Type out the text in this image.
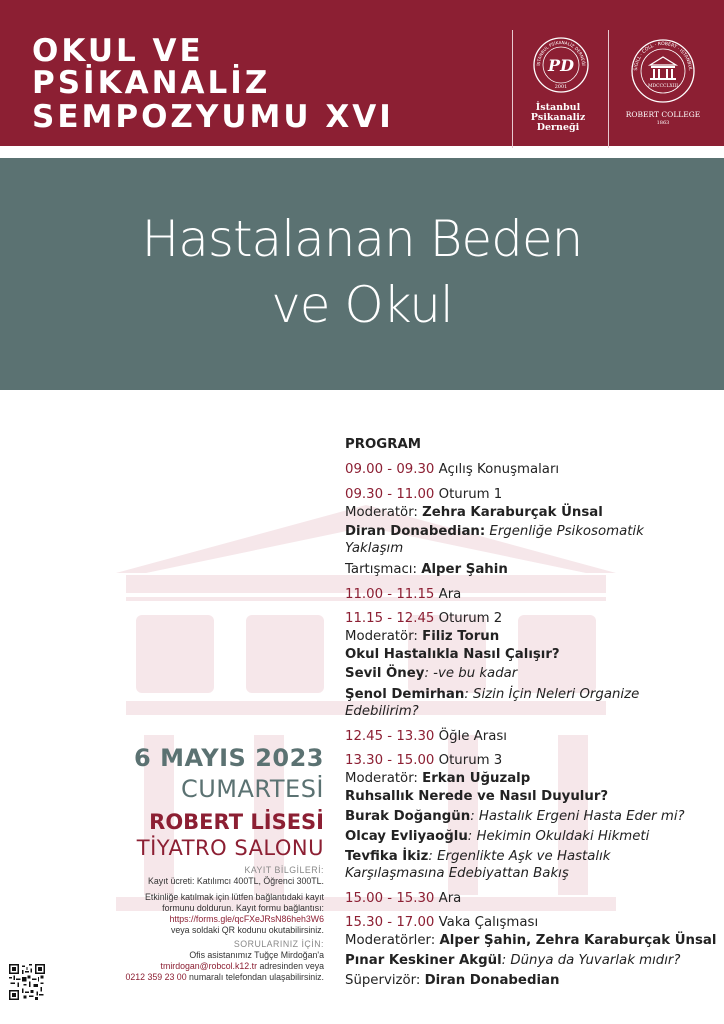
OKUL VE
PSİKANALİZ
SEMPOZYUMU XVI
PD
2001
İSTANBUL PSİKANALİZ DERNEĞİ
İstanbul
Psikanaliz
Derneği
SIGILL · COLL · ROBERT · ISTANBUL
MDCCCLXIII
ROBERT COLLEGE
1863
Hastalanan Beden
ve Okul
PROGRAM
09.00 - 09.30 Açılış Konuşmaları
09.30 - 11.00 Oturum 1
Moderatör: Zehra Karaburçak Ünsal
Diran Donabedian: Ergenliğe Psikosomatik
Yaklaşım
Tartışmacı: Alper Şahin
11.00 - 11.15 Ara
11.15 - 12.45 Oturum 2
Moderatör: Filiz Torun
Okul Hastalıkla Nasıl Çalışır?
Sevil Öney: -ve bu kadar
Şenol Demirhan: Sizin İçin Neleri Organize
Edebilirim?
12.45 - 13.30 Öğle Arası
13.30 - 15.00 Oturum 3
Moderatör: Erkan Uğuzalp
Ruhsallık Nerede ve Nasıl Duyulur?
Burak Doğangün: Hastalık Ergeni Hasta Eder mi?
Olcay Evliyaoğlu: Hekimin Okuldaki Hikmeti
Tevfika İkiz: Ergenlikte Aşk ve Hastalık
Karşılaşmasına Edebiyattan Bakış
15.00 - 15.30 Ara
15.30 - 17.00 Vaka Çalışması
Moderatörler: Alper Şahin, Zehra Karaburçak Ünsal
Pınar Keskiner Akgül: Dünya da Yuvarlak mıdır?
Süpervizör: Diran Donabedian
6 MAYIS 2023
CUMARTESİ
ROBERT LİSESİ
TİYATRO SALONU
KAYIT BİLGİLERİ:
Kayıt ücreti: Katılımcı 400TL, Öğrenci 300TL.
Etkinliğe katılmak için lütfen bağlantıdaki kayıt
formunu doldurun. Kayıt formu bağlantısı:
https://forms.gle/qcFXeJRsN86heh3W6
veya soldaki QR kodunu okutabilirsiniz.
SORULARINIZ İÇİN:
Ofis asistanımız Tuğçe Mirdoğan'a
tmirdogan@robcol.k12.tr adresinden veya
0212 359 23 00 numaralı telefondan ulaşabilirsiniz.
